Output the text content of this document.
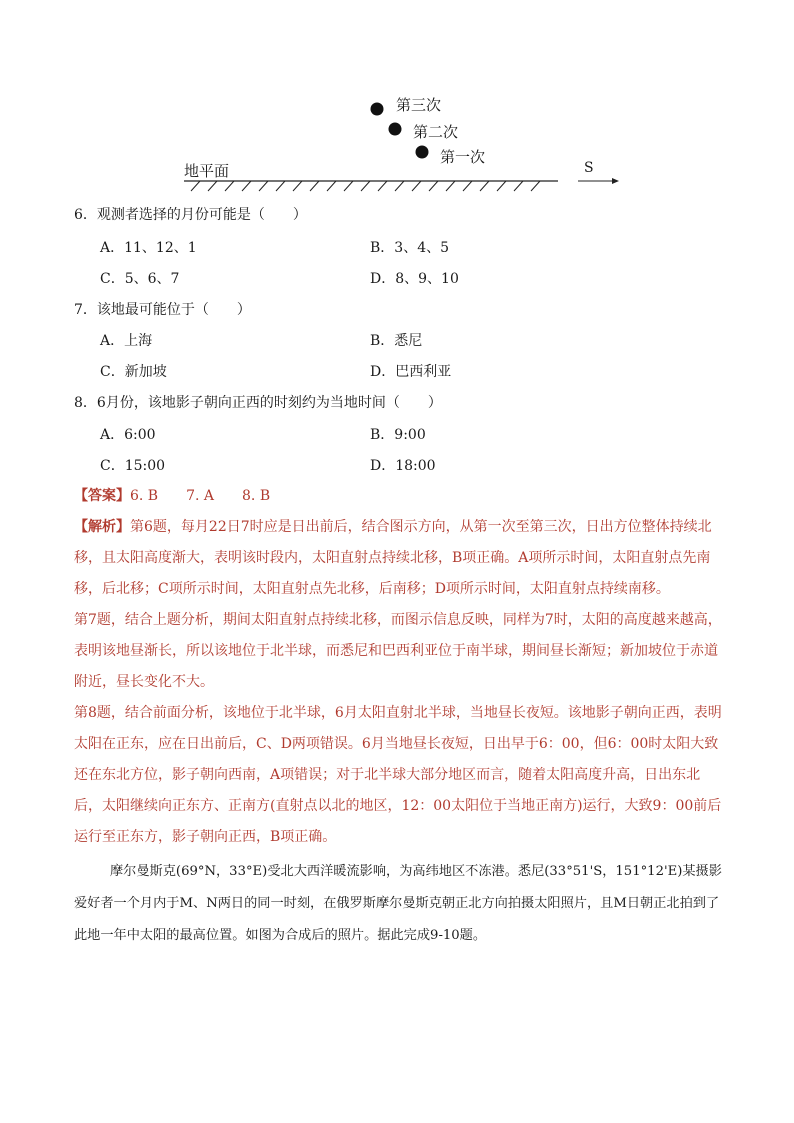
第三次
第二次
第一次
地平面	S
6．观测者选择的月份可能是（　　）
A．11、12、1	B．3、4、5
C．5、6、7	D．8、9、10
7．该地最可能位于（　　）
A．上海	B．悉尼
C．新加坡	D．巴西利亚
8．6月份，该地影子朝向正西的时刻约为当地时间（　　）
A．6:00	B．9:00
C．15:00	D．18:00
【答案】6. B　　7. A　　8. B
【解析】第6题，每月22日7时应是日出前后，结合图示方向，从第一次至第三次，日出方位整体持续北移，且太阳高度渐大，表明该时段内，太阳直射点持续北移，B项正确。A项所示时间，太阳直射点先南移，后北移；C项所示时间，太阳直射点先北移，后南移；D项所示时间，太阳直射点持续南移。
第7题，结合上题分析，期间太阳直射点持续北移，而图示信息反映，同样为7时，太阳的高度越来越高，表明该地昼渐长，所以该地位于北半球，而悉尼和巴西利亚位于南半球，期间昼长渐短；新加坡位于赤道附近，昼长变化不大。
第8题，结合前面分析，该地位于北半球，6月太阳直射北半球，当地昼长夜短。该地影子朝向正西，表明太阳在正东，应在日出前后，C、D两项错误。6月当地昼长夜短，日出早于6：00，但6：00时太阳大致还在东北方位，影子朝向西南，A项错误；对于北半球大部分地区而言，随着太阳高度升高，日出东北后，太阳继续向正东方、正南方(直射点以北的地区，12：00太阳位于当地正南方)运行，大致9：00前后运行至正东方，影子朝向正西，B项正确。
摩尔曼斯克(69°N，33°E)受北大西洋暖流影响，为高纬地区不冻港。悉尼(33°51'S，151°12'E)某摄影爱好者一个月内于M、N两日的同一时刻，在俄罗斯摩尔曼斯克朝正北方向拍摄太阳照片，且M日朝正北拍到了此地一年中太阳的最高位置。如图为合成后的照片。据此完成9-10题。
